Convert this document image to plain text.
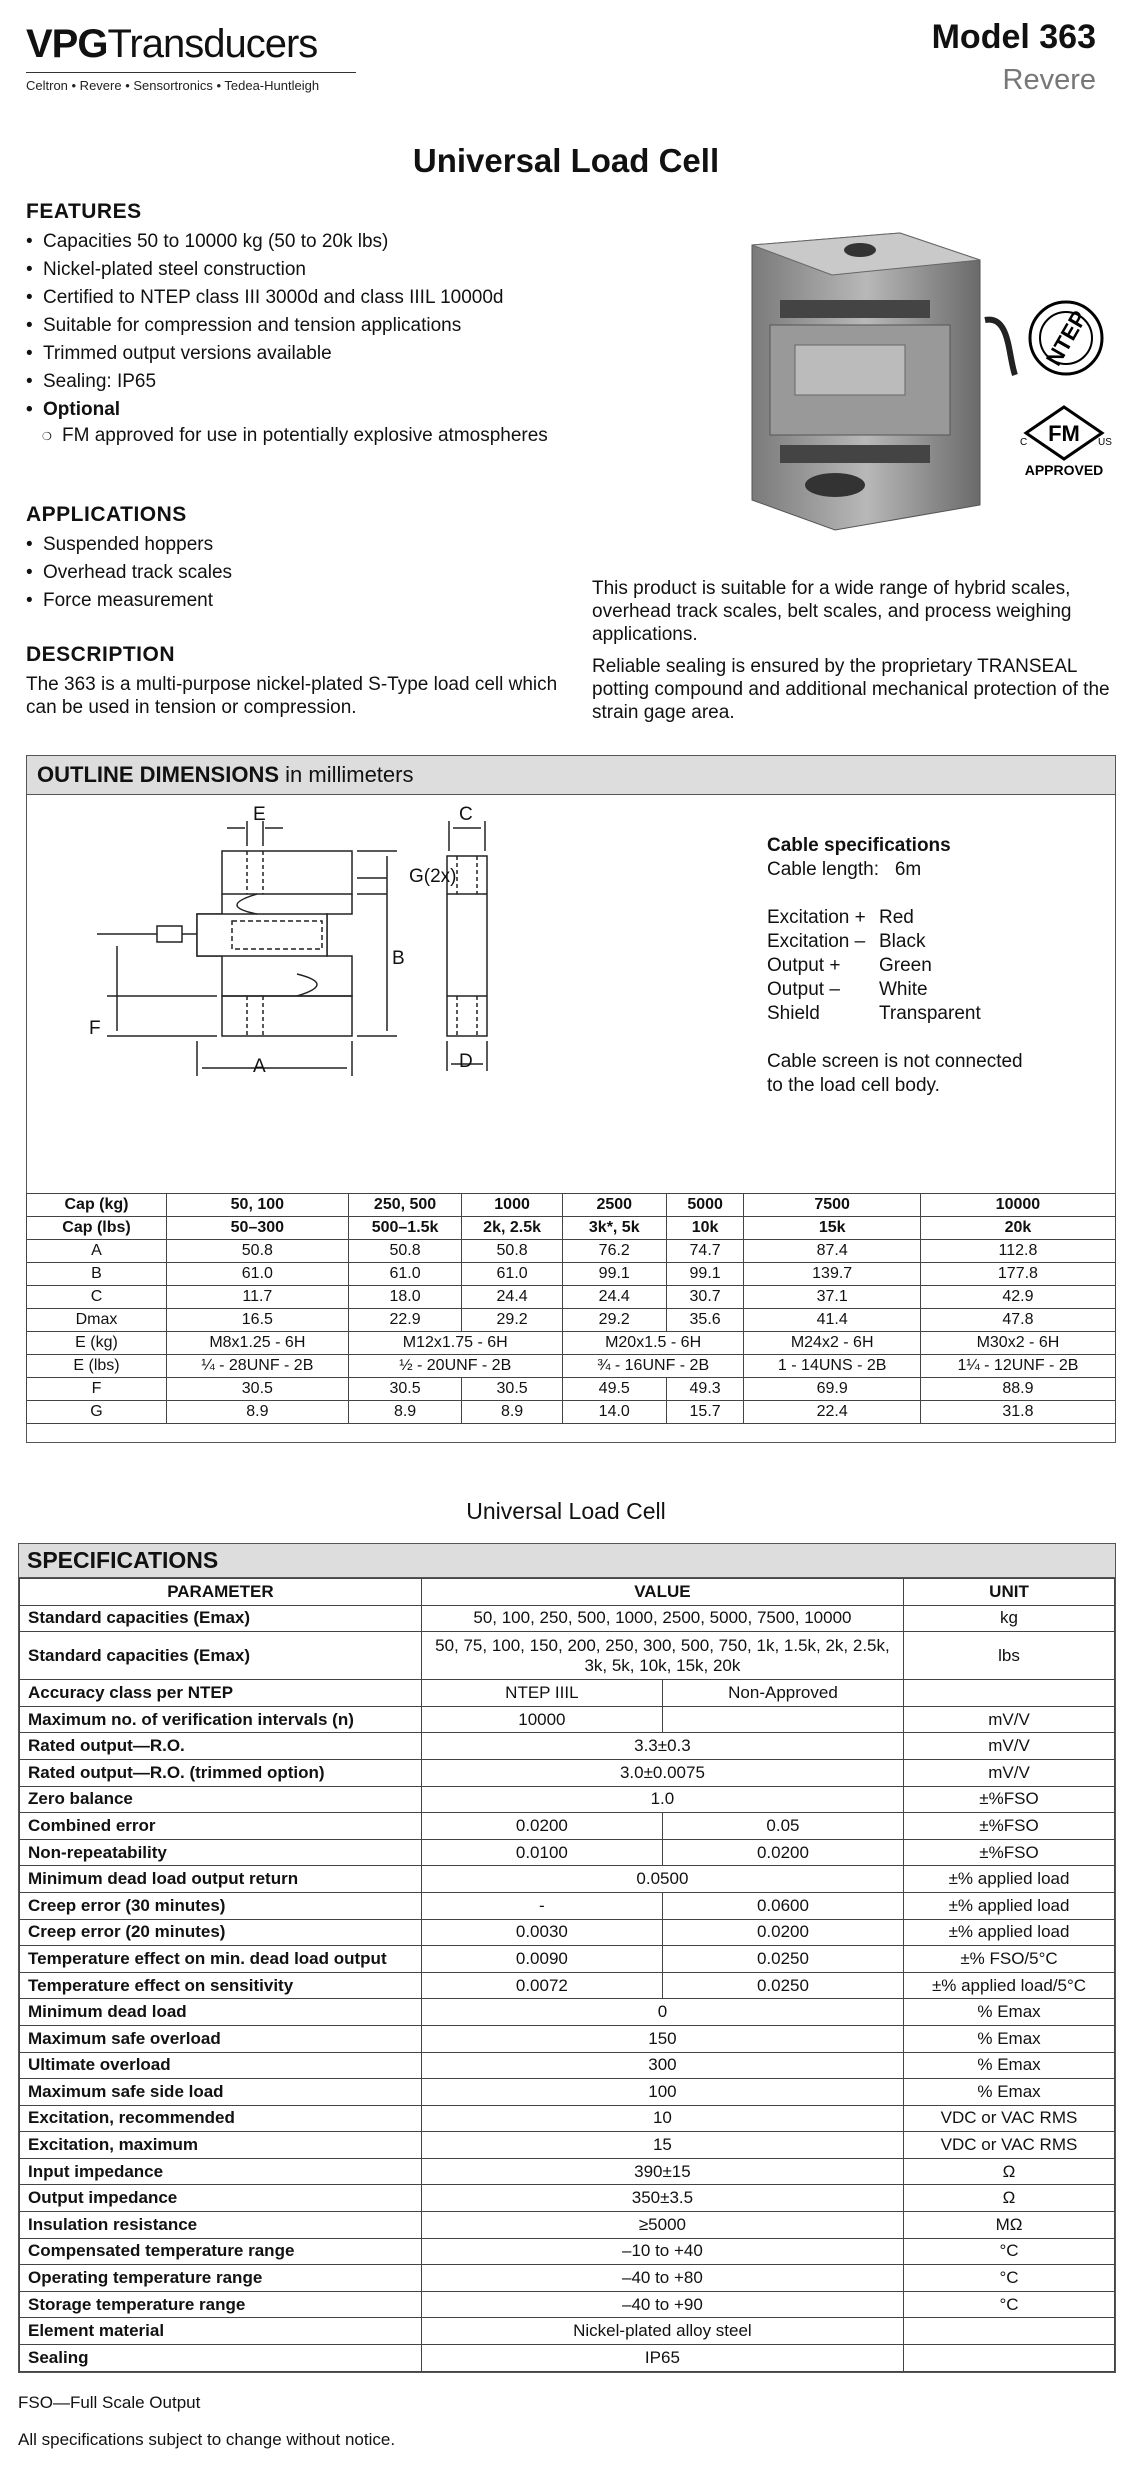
VPGTransducers
Celtron • Revere • Sensortronics • Tedea-Huntleigh
Model 363
Revere
Universal Load Cell
FEATURES
• Capacities 50 to 10000 kg (50 to 20k lbs)
• Nickel-plated steel construction
• Certified to NTEP class III 3000d and class IIIL 10000d
• Suitable for compression and tension applications
• Trimmed output versions available
• Sealing: IP65
• Optional
❍ FM approved for use in potentially explosive atmospheres
APPLICATIONS
• Suspended hoppers
• Overhead track scales
• Force measurement
DESCRIPTION

The 363 is a multi-purpose nickel-plated S-Type load cell which can be used in tension or compression.

This product is suitable for a wide range of hybrid scales, overhead track scales, belt scales, and process weighing applications.

Reliable sealing is ensured by the proprietary TRANSEAL potting compound and additional mechanical protection of the strain gage area.

NTEP
FM
C	US
APPROVED
OUTLINE DIMENSIONS in millimeters
E
G(2x)
B
F
A
C
D
Cable specifications
Cable length: 6m
Excitation + Red
Excitation – Black
Output +	Green
Output –	White
Shield	Transparent
Cable screen is not connected
to the load cell body.
Cap (kg)	50, 100	250, 500	1000	2500	5000	7500	10000
Cap (lbs)	50–300	500–1.5k	2k, 2.5k	3k*, 5k	10k	15k	20k
A	50.8	50.8	50.8	76.2	74.7	87.4	112.8
B	61.0	61.0	61.0	99.1	99.1	139.7	177.8
C	11.7	18.0	24.4	24.4	30.7	37.1	42.9
Dmax	16.5	22.9	29.2	29.2	35.6	41.4	47.8
E (kg)	M8x1.25 - 6H	M12x1.75 - 6H		M20x1.5 - 6H		M24x2 - 6H	M30x2 - 6H
E (lbs)	¼ - 28UNF - 2B	½ - 20UNF - 2B		¾ - 16UNF - 2B		1 - 14UNS - 2B	1¼ - 12UNF - 2B
F	30.5	30.5	30.5	49.5	49.3	69.9	88.9
G	8.9	8.9	8.9	14.0	15.7	22.4	31.8
Universal Load Cell
SPECIFICATIONS
PARAMETER	VALUE		UNIT
Standard capacities (Emax)	50, 100, 250, 500, 1000, 2500, 5000, 7500, 10000		kg
Standard capacities (Emax)	50, 75, 100, 150, 200, 250, 300, 500, 750, 1k, 1.5k, 2k, 2.5k, 3k, 5k, 10k, 15k, 20k		lbs
Accuracy class per NTEP	NTEP IIIL	Non-Approved	
Maximum no. of verification intervals (n)	10000		mV/V
Rated output—R.O.	3.3±0.3		mV/V
Rated output—R.O. (trimmed option)	3.0±0.0075		mV/V
Zero balance	1.0		±%FSO
Combined error	0.0200	0.05	±%FSO
Non-repeatability	0.0100	0.0200	±%FSO
Minimum dead load output return	0.0500		±% applied load
Creep error (30 minutes)	-	0.0600	±% applied load
Creep error (20 minutes)	0.0030	0.0200	±% applied load
Temperature effect on min. dead load output	0.0090	0.0250	±% FSO/5°C
Temperature effect on sensitivity	0.0072	0.0250	±% applied load/5°C
Minimum dead load	0		% Emax
Maximum safe overload	150		% Emax
Ultimate overload	300		% Emax
Maximum safe side load	100		% Emax
Excitation, recommended	10		VDC or VAC RMS
Excitation, maximum	15		VDC or VAC RMS
Input impedance	390±15		Ω
Output impedance	350±3.5		Ω
Insulation resistance	≥5000		MΩ
Compensated temperature range	–10 to +40		°C
Operating temperature range	–40 to +80		°C
Storage temperature range	–40 to +90		°C
Element material	Nickel-plated alloy steel		
Sealing	IP65		
FSO—Full Scale Output
All specifications subject to change without notice.
